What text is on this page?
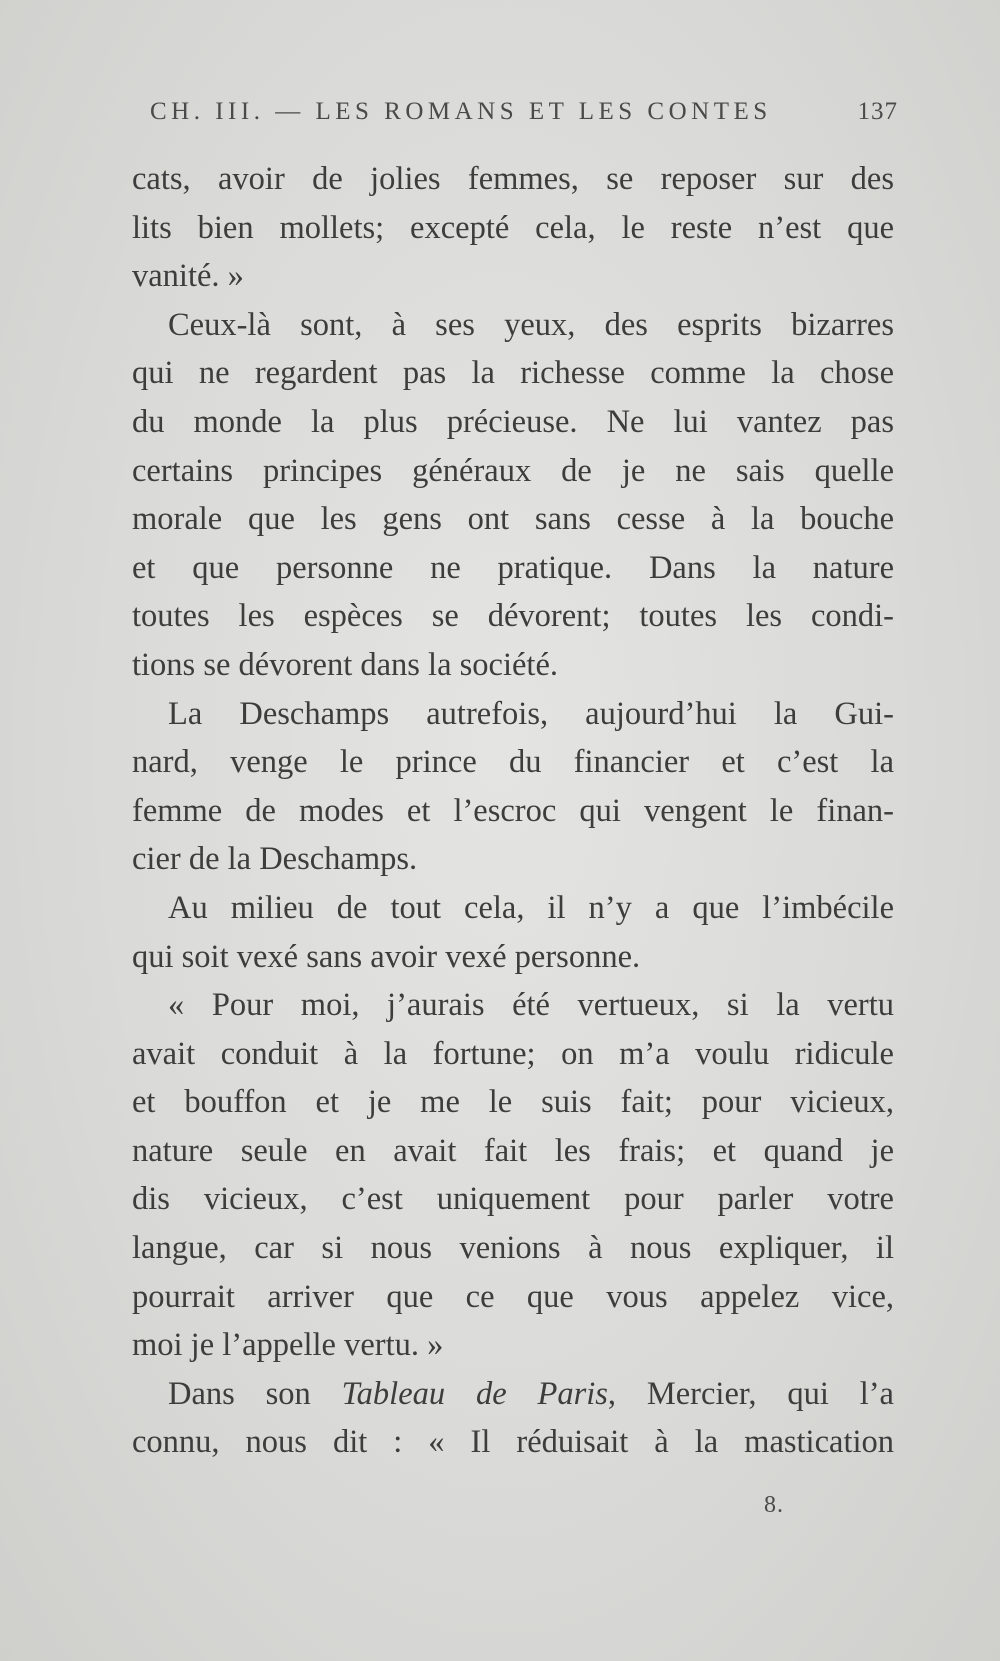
CH. III. — LES ROMANS ET LES CONTES	137
cats, avoir de jolies femmes, se reposer sur des
lits bien mollets; excepté cela, le reste n’est que
vanité. »
Ceux-là sont, à ses yeux, des esprits bizarres
qui ne regardent pas la richesse comme la chose
du monde la plus précieuse. Ne lui vantez pas
certains principes généraux de je ne sais quelle
morale que les gens ont sans cesse à la bouche
et que personne ne pratique. Dans la nature
toutes les espèces se dévorent; toutes les condi-
tions se dévorent dans la société.
La Deschamps autrefois, aujourd’hui la Gui-
nard, venge le prince du financier et c’est la
femme de modes et l’escroc qui vengent le finan-
cier de la Deschamps.
Au milieu de tout cela, il n’y a que l’imbécile
qui soit vexé sans avoir vexé personne.
« Pour moi, j’aurais été vertueux, si la vertu
avait conduit à la fortune; on m’a voulu ridicule
et bouffon et je me le suis fait; pour vicieux,
nature seule en avait fait les frais; et quand je
dis vicieux, c’est uniquement pour parler votre
langue, car si nous venions à nous expliquer, il
pourrait arriver que ce que vous appelez vice,
moi je l’appelle vertu. »
Dans son Tableau de Paris, Mercier, qui l’a
connu, nous dit : « Il réduisait à la mastication
8.
